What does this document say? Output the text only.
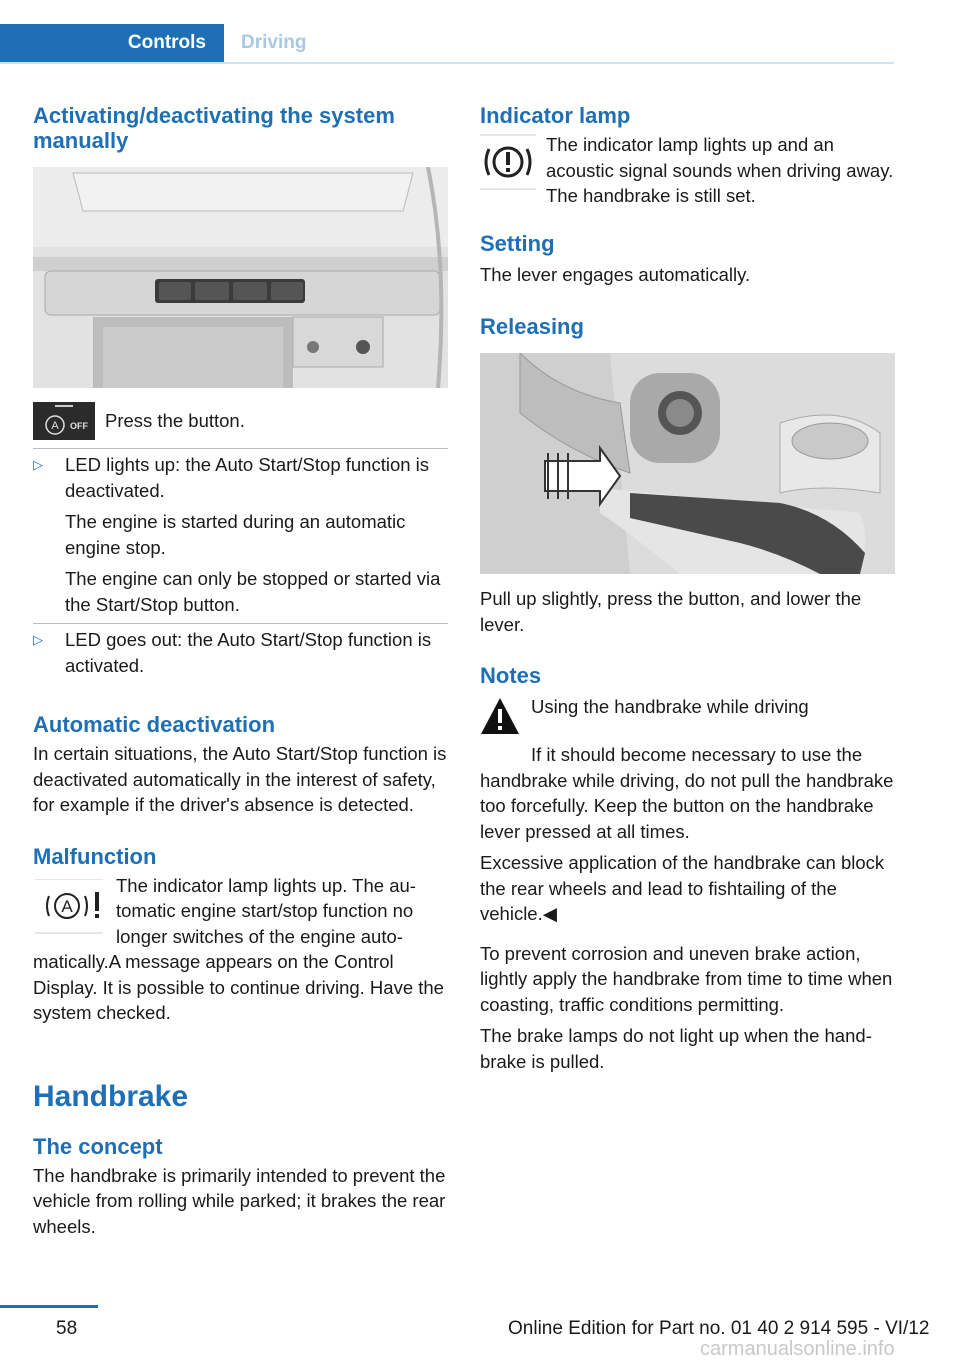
Controls	Driving
Activating/deactivating the system manually
A OFF Press the button.

▷	LED lights up: the Auto Start/Stop function is deactivated.

The engine is started during an automatic engine stop.

The engine can only be stopped or started via the Start/Stop button.

▷	LED goes out: the Auto Start/Stop function is activated.

Automatic deactivation

In certain situations, the Auto Start/Stop function is deactivated automatically in the interest of safety, for example if the driver's absence is detected.

Malfunction
A

The indicator lamp lights up. The automatic engine start/stop function no longer switches of the engine auto-

matically.A message appears on the Control Display. It is possible to continue driving. Have the system checked.

Handbrake
The concept

The handbrake is primarily intended to prevent the vehicle from rolling while parked; it brakes the rear wheels.

Indicator lamp

The indicator lamp lights up and an acoustic signal sounds when driving away. The handbrake is still set.

Setting

The lever engages automatically.

Releasing

Pull up slightly, press the button, and lower the lever.

Notes

Using the handbrake while driving

If it should become necessary to use the handbrake while driving, do not pull the handbrake too forcefully. Keep the button on the handbrake lever pressed at all times.

Excessive application of the handbrake can block the rear wheels and lead to fishtailing of the vehicle.◀

To prevent corrosion and uneven brake action, lightly apply the handbrake from time to time when coasting, traffic conditions permitting.

The brake lamps do not light up when the handbrake is pulled.

58	Online Edition for Part no. 01 40 2 914 595 - VI/12
carmanualsonline.info
